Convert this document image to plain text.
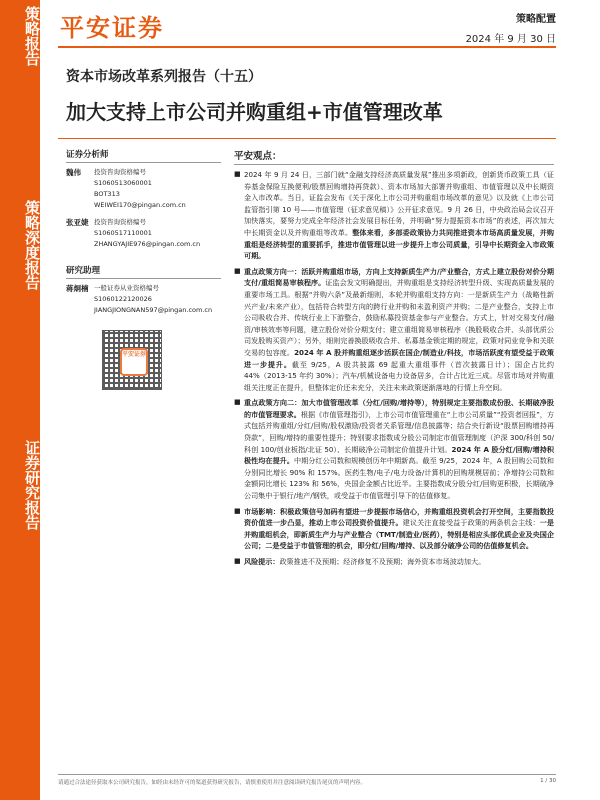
策略报告
策略深度报告
证券研究报告
平安证券	策略配置
2024 年 9 月 30 日
资本市场改革系列报告（十五）
加大支持上市公司并购重组+市值管理改革
证券分析师
魏伟	投资咨询资格编号
S1060513060001
BOT313
WEIWEI170@pingan.com.cn
张亚婕 投资咨询资格编号
S1060517110001
ZHANGYAJIE976@pingan.com.cn
研究助理
蒋炯楠 一般证券从业资格编号
S1060122120026
JIANGJIONGNAN597@pingan.com.cn
平安证券
平安观点：
■ 2024 年 9 月 24 日，三部门就“金融支持经济高质量发展”推出多项新政，创新货币政策工具（证券基金保险互换便利/股票回购增持再贷款）、资本市场加大部署并购重组、市值管理以及中长期资金入市改革。当日，证监会发布《关于深化上市公司并购重组市场改革的意见》以及就《上市公司监管指引第 10 号——市值管理（征求意见稿）》公开征求意见。9 月 26 日，中央政治局会议召开加快落实，要努力完成全年经济社会发展目标任务，并明确“努力提振资本市场”的表述，再次加大中长期资金以及并购重组等改革。整体来看，多部委政策协力共同推进资本市场高质量发展，并购重组是经济转型的重要抓手，推进市值管理以进一步提升上市公司质量，引导中长期资金入市政策可期。
■ 重点政策方向一：活跃并购重组市场，方向上支持新质生产力/产业整合，方式上建立股份对价分期支付/重组简易审核程序。证监会发文明确提出，并购重组是支持经济转型升级、实现高质量发展的重要市场工具。根据“并购六条”及最新细则，本轮并购重组支持方向：一是新质生产力（战略性新兴产业/未来产业），包括符合转型方向的跨行业并购和未盈利资产并购；二是产业整合，支持上市公司吸收合并、传统行业上下游整合，鼓励私募投资基金参与产业整合。方式上，针对交易支付/融资/审核效率等问题，建立股份对价分期支付；建立重组简易审核程序（换股吸收合并、头部优质公司发股购买资产）；另外，细则完善换股吸收合并、私募基金锁定期的规定，政策对同业竞争和关联交易的包容度。2024 年 A 股并购重组逐步活跃在国企/制造业/科技，市场活跃度有望受益于政策进一步提升。截至 9/25，A 股共披露 69 起重大重组事件（首次披露日计）；国企占比约 44%（2013-15 年约 30%）；汽车/机械设备电力设备居多，合计占比近三成。尽管市场对并购重组关注度正在提升，但整体定价还未充分，关注未来政策逐渐落地的行情上升空间。
■ 重点政策方向二：加大市值管理改革（分红/回购/增持等），特别规定主要指数成份股、长期破净股的市值管理要求。根据《市值管理指引》，上市公司市值管理重在“上市公司质量”“投资者回报”，方式包括并购重组/分红/回购/股权激励/投资者关系管理/信息披露等；结合央行新设“股票回购增持再贷款”，回购/增持的重要性提升；特别要求指数成分股公司制定市值管理制度（沪深 300/科创 50/科创 100/创业板指/北证 50）、长期破净公司制定价值提升计划。2024 年 A 股分红/回购/增持积极性均在提升。中期分红公司数和规模创历年中期新高。截至 9/25，2024 年，A 股回购公司数和分别同比增长 90% 和 157%。医药生物/电子/电力设备/计算机的回购规模居前；净增持公司数和金额同比增长 123% 和 56%，央国企金额占比近半。主要指数成分股分红/回购更积极，长期破净公司集中于银行/地产/钢铁，或受益于市值管理引导下的估值修复。
■ 市场影响：积极政策信号加码有望进一步提振市场信心，并购重组投资机会打开空间，主要指数投资价值进一步凸显，推动上市公司投资价值提升。建议关注直接受益于政策的两条机会主线：一是并购重组机会，即新质生产力与产业整合（TMT/制造业/医药），特别是相应头部优质企业及央国企公司；二是受益于市值管理的机会，即分红/回购/增持、以及部分破净公司的估值修复机会。
■ 风险提示：政策推进不及预期；经济修复不及预期；海外资本市场波动加大。
请通过合法途径获取本公司研究报告，如经由未经许可的渠道获得研究报告，请慎重使用并注意阅读研究报告尾页的声明内容。	1 / 30
